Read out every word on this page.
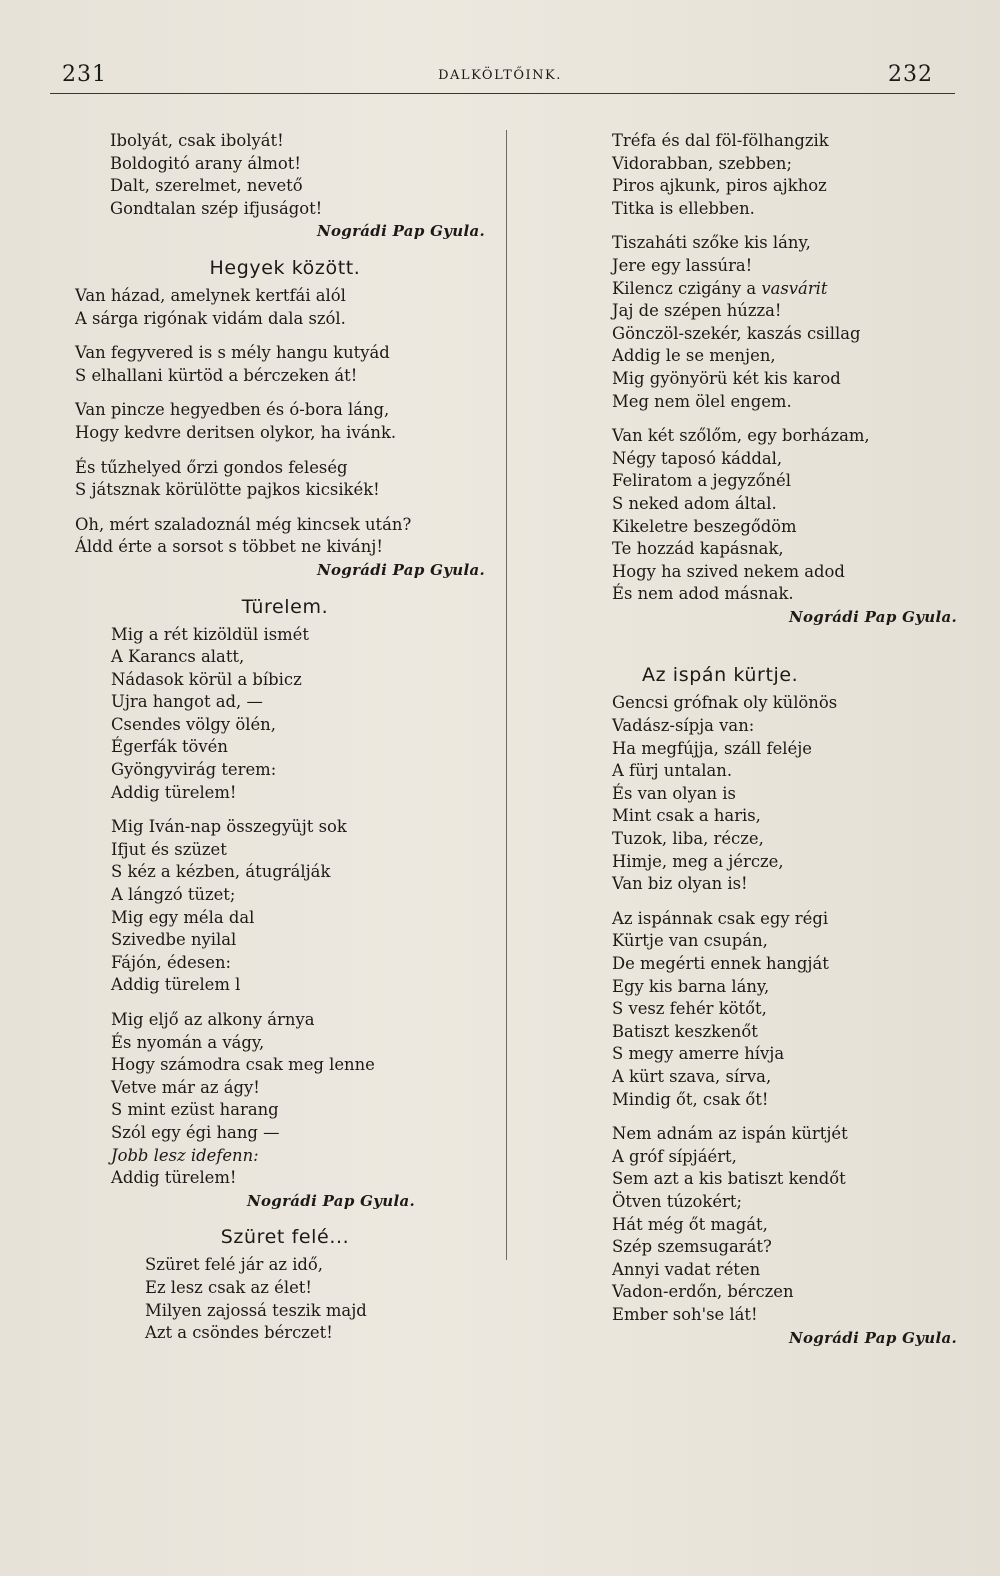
231	DALKÖLTŐINK.	232
Ibolyát, csak ibolyát!
Boldogitó arany álmot!
Dalt, szerelmet, nevető
Gondtalan szép ifjuságot!
Nográdi Pap Gyula.
Hegyek között.
Van házad, amelynek kertfái alól
A sárga rigónak vidám dala szól.
Van fegyvered is s mély hangu kutyád
S elhallani kürtöd a bérczeken át!
Van pincze hegyedben és ó-bora láng,
Hogy kedvre deritsen olykor, ha ivánk.
És tűzhelyed őrzi gondos feleség
S játsznak körülötte pajkos kicsikék!
Oh, mért szaladoznál még kincsek után?
Áldd érte a sorsot s többet ne kivánj!
Nográdi Pap Gyula.
Türelem.
Mig a rét kizöldül ismét
A Karancs alatt,
Nádasok körül a bíbicz
Ujra hangot ad, —
Csendes völgy ölén,
Égerfák tövén
Gyöngyvirág terem:
Addig türelem!
Mig Iván-nap összegyüjt sok
Ifjut és szüzet
S kéz a kézben, átugrálják
A lángzó tüzet;
Mig egy méla dal
Szivedbe nyilal
Fájón, édesen:
Addig türelem l
Mig eljő az alkony árnya
És nyomán a vágy,
Hogy számodra csak meg lenne
Vetve már az ágy!
S mint ezüst harang
Szól egy égi hang —
Jobb lesz idefenn:
Addig türelem!
Nográdi Pap Gyula.
Szüret felé...
Szüret felé jár az idő,
Ez lesz csak az élet!
Milyen zajossá teszik majd
Azt a csöndes bérczet!
Tréfa és dal föl-fölhangzik
Vidorabban, szebben;
Piros ajkunk, piros ajkhoz
Titka is ellebben.
Tiszaháti szőke kis lány,
Jere egy lassúra!
Kilencz czigány a vasvárit
Jaj de szépen húzza!
Gönczöl-szekér, kaszás csillag
Addig le se menjen,
Mig gyönyörü két kis karod
Meg nem ölel engem.
Van két szőlőm, egy borházam,
Négy taposó káddal,
Feliratom a jegyzőnél
S neked adom által.
Kikeletre beszegődöm
Te hozzád kapásnak,
Hogy ha szived nekem adod
És nem adod másnak.
Nográdi Pap Gyula.
Az ispán kürtje.
Gencsi grófnak oly különös
Vadász-sípja van:
Ha megfújja, száll feléje
A fürj untalan.
És van olyan is
Mint csak a haris,
Tuzok, liba, récze,
Himje, meg a jércze,
Van biz olyan is!
Az ispánnak csak egy régi
Kürtje van csupán,
De megérti ennek hangját
Egy kis barna lány,
S vesz fehér kötőt,
Batiszt keszkenőt
S megy amerre hívja
A kürt szava, sírva,
Mindig őt, csak őt!
Nem adnám az ispán kürtjét
A gróf sípjáért,
Sem azt a kis batiszt kendőt
Ötven túzokért;
Hát még őt magát,
Szép szemsugarát?
Annyi vadat réten
Vadon-erdőn, bérczen
Ember soh'se lát!
Nográdi Pap Gyula.
